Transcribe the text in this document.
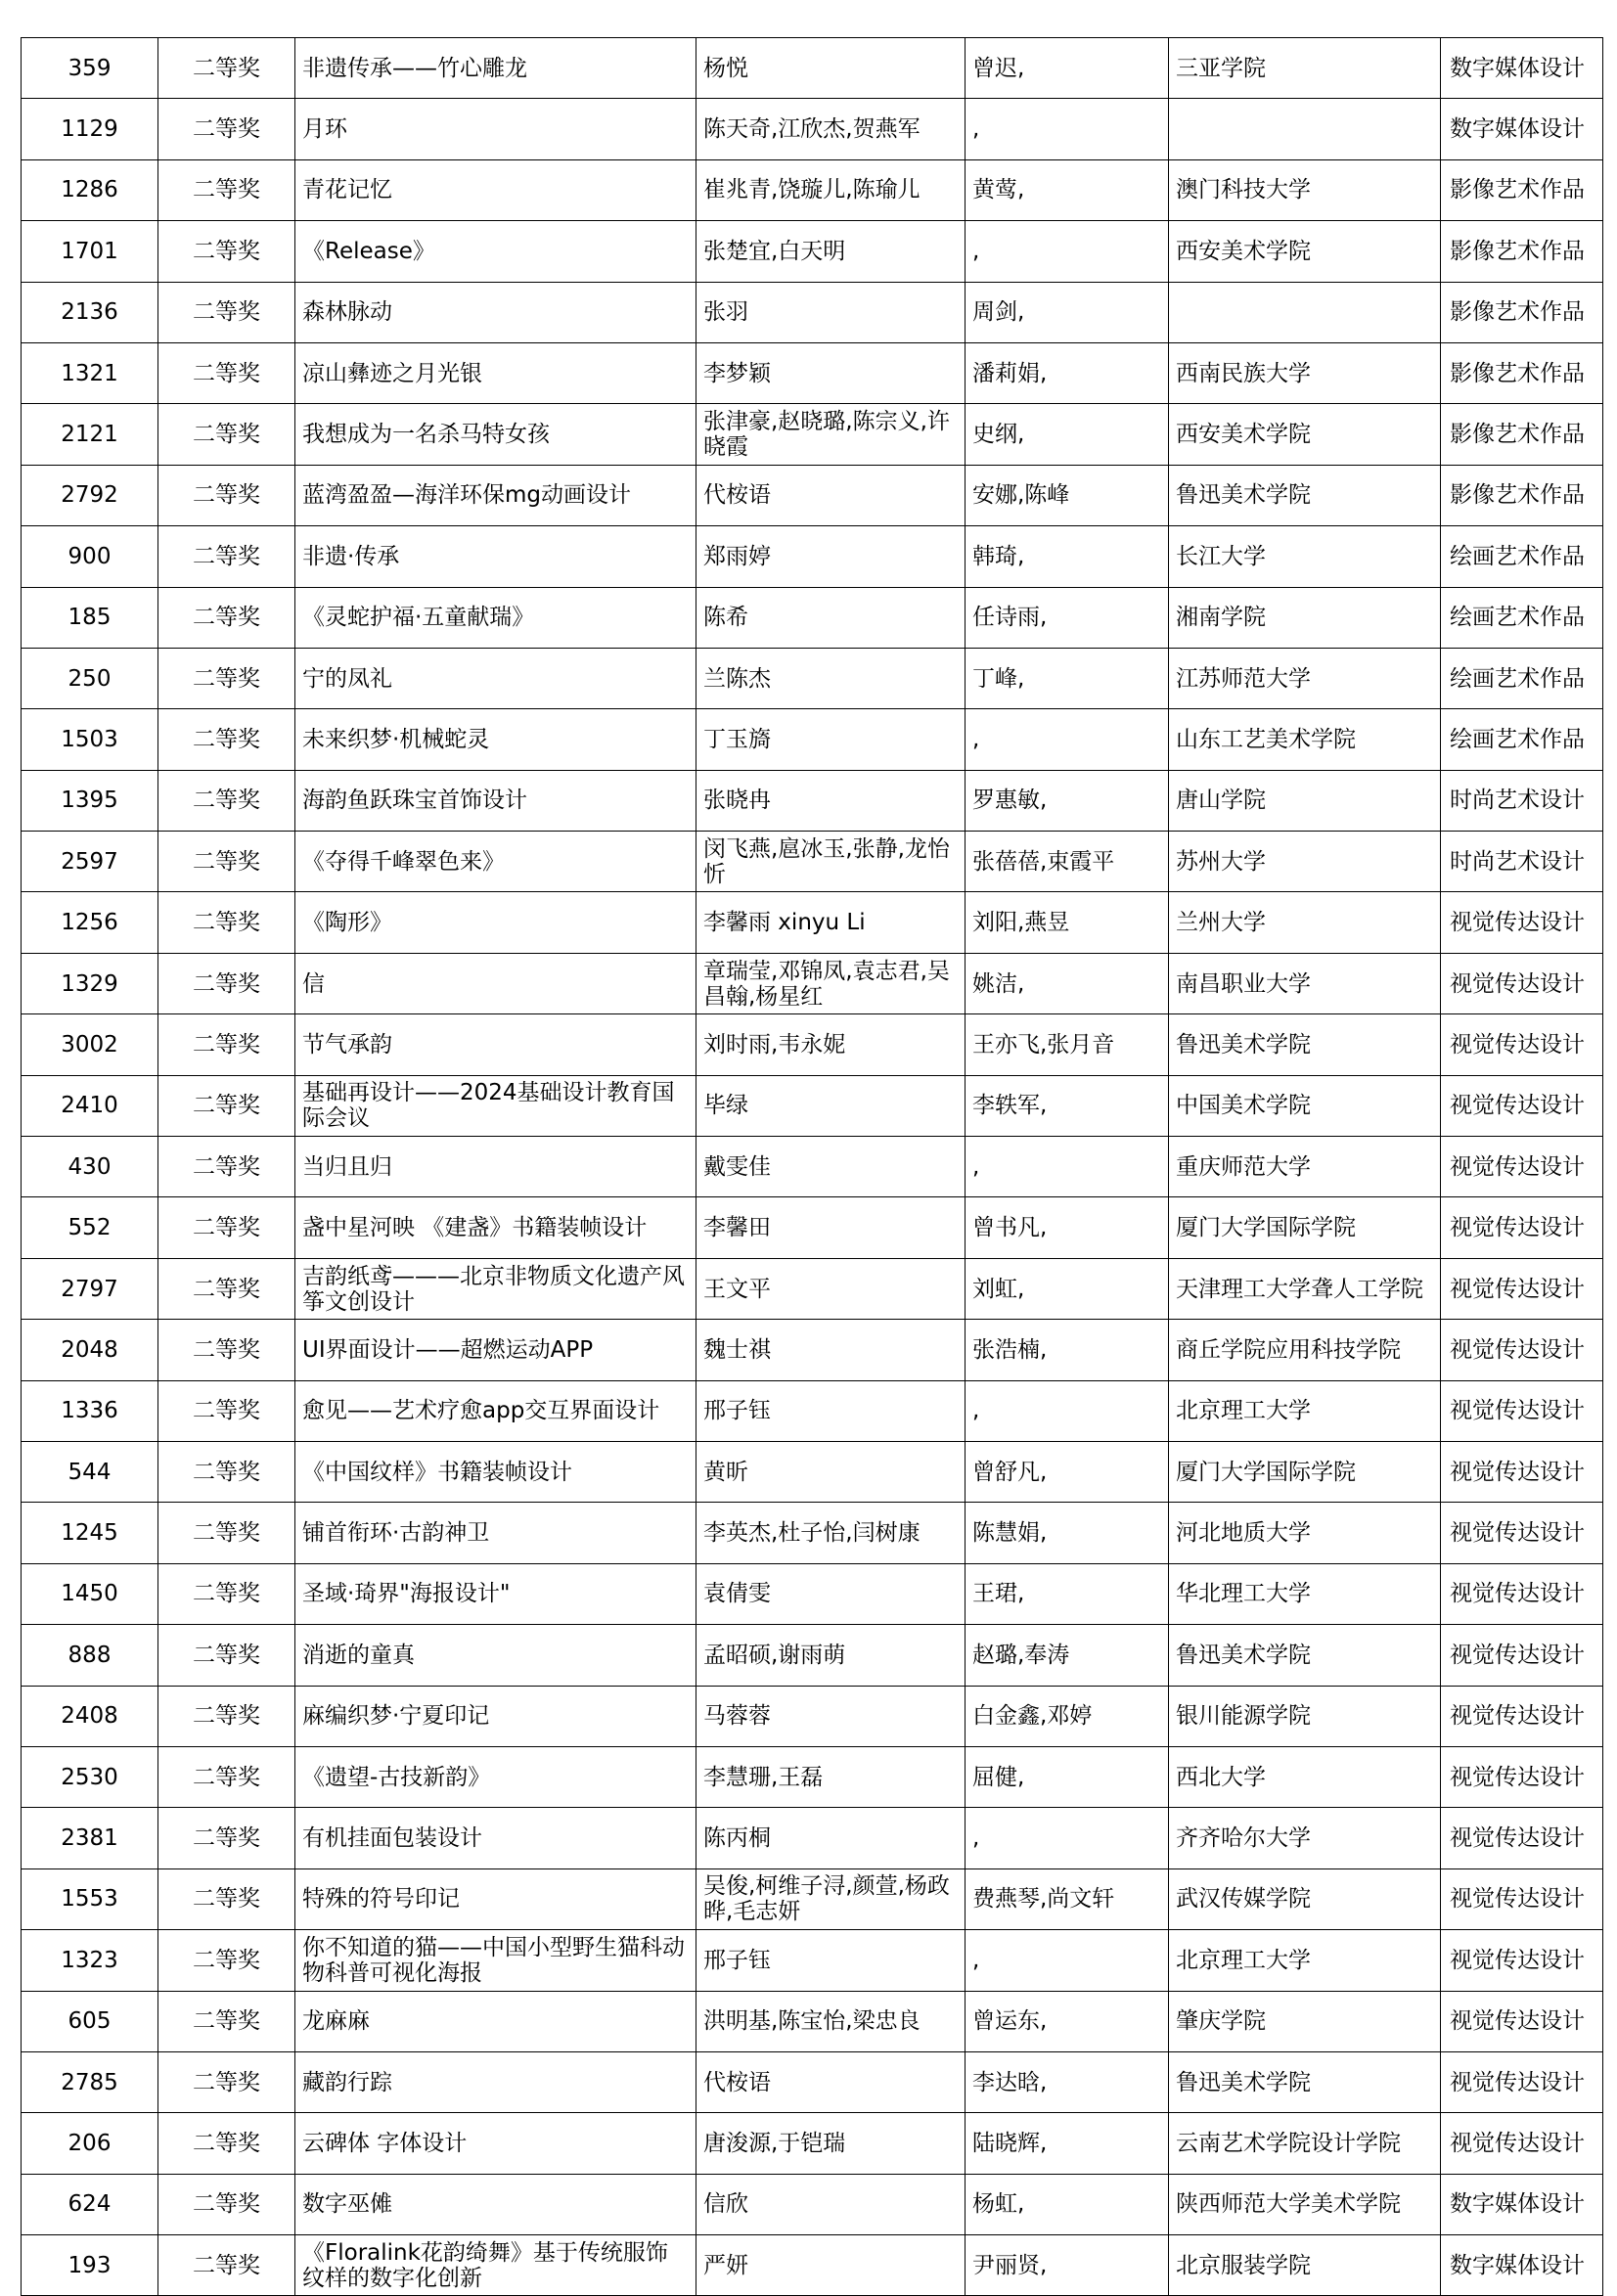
359	二等奖	非遗传承——竹心雕龙	杨悦	曾迟,	三亚学院	数字媒体设计
1129	二等奖	月环	陈天奇,江欣杰,贺燕军	,		数字媒体设计
1286	二等奖	青花记忆	崔兆青,饶璇儿,陈瑜儿	黄莺,	澳门科技大学	影像艺术作品
1701	二等奖	《Release》	张楚宜,白天明	,	西安美术学院	影像艺术作品
2136	二等奖	森林脉动	张羽	周剑,		影像艺术作品
1321	二等奖	凉山彝迹之月光银	李梦颖	潘莉娟,	西南民族大学	影像艺术作品
2121	二等奖	我想成为一名杀马特女孩	张津豪,赵晓璐,陈宗义,许晓霞	史纲,	西安美术学院	影像艺术作品
2792	二等奖	蓝湾盈盈—海洋环保mg动画设计	代桉语	安娜,陈峰	鲁迅美术学院	影像艺术作品
900	二等奖	非遗·传承	郑雨婷	韩琦,	长江大学	绘画艺术作品
185	二等奖	《灵蛇护福·五童献瑞》	陈希	任诗雨,	湘南学院	绘画艺术作品
250	二等奖	宁的凤礼	兰陈杰	丁峰,	江苏师范大学	绘画艺术作品
1503	二等奖	未来织梦·机械蛇灵	丁玉旖	,	山东工艺美术学院	绘画艺术作品
1395	二等奖	海韵鱼跃珠宝首饰设计	张晓冉	罗惠敏,	唐山学院	时尚艺术设计
2597	二等奖	《夺得千峰翠色来》	闵飞燕,扈冰玉,张静,龙怡忻	张蓓蓓,束霞平	苏州大学	时尚艺术设计
1256	二等奖	《陶形》	李馨雨 xinyu Li	刘阳,燕昱	兰州大学	视觉传达设计
1329	二等奖	信	章瑞莹,邓锦凤,袁志君,吴昌翰,杨星红	姚洁,	南昌职业大学	视觉传达设计
3002	二等奖	节气承韵	刘时雨,韦永妮	王亦飞,张月音	鲁迅美术学院	视觉传达设计
2410	二等奖	基础再设计——2024基础设计教育国际会议	毕绿	李轶军,	中国美术学院	视觉传达设计
430	二等奖	当归且归	戴雯佳	,	重庆师范大学	视觉传达设计
552	二等奖	盏中星河映 《建盏》书籍装帧设计	李馨田	曾书凡,	厦门大学国际学院	视觉传达设计
2797	二等奖	吉韵纸鸢———北京非物质文化遗产风筝文创设计	王文平	刘虹,	天津理工大学聋人工学院	视觉传达设计
2048	二等奖	UI界面设计——超燃运动APP	魏士祺	张浩楠,	商丘学院应用科技学院	视觉传达设计
1336	二等奖	愈见——艺术疗愈app交互界面设计	邢子钰	,	北京理工大学	视觉传达设计
544	二等奖	《中国纹样》书籍装帧设计	黄昕	曾舒凡,	厦门大学国际学院	视觉传达设计
1245	二等奖	铺首衔环·古韵神卫	李英杰,杜子怡,闫树康	陈慧娟,	河北地质大学	视觉传达设计
1450	二等奖	圣域·琦界"海报设计"	袁倩雯	王珺,	华北理工大学	视觉传达设计
888	二等奖	消逝的童真	孟昭硕,谢雨萌	赵璐,奉涛	鲁迅美术学院	视觉传达设计
2408	二等奖	麻编织梦·宁夏印记	马蓉蓉	白金鑫,邓婷	银川能源学院	视觉传达设计
2530	二等奖	《遗望-古技新韵》	李慧珊,王磊	屈健,	西北大学	视觉传达设计
2381	二等奖	有机挂面包装设计	陈丙桐	,	齐齐哈尔大学	视觉传达设计
1553	二等奖	特殊的符号印记	吴俊,柯维子浔,颜萱,杨政晔,毛志妍	费燕琴,尚文轩	武汉传媒学院	视觉传达设计
1323	二等奖	你不知道的猫——中国小型野生猫科动物科普可视化海报	邢子钰	,	北京理工大学	视觉传达设计
605	二等奖	龙麻麻	洪明基,陈宝怡,梁忠良	曾运东,	肇庆学院	视觉传达设计
2785	二等奖	藏韵行踪	代桉语	李达晗,	鲁迅美术学院	视觉传达设计
206	二等奖	云碑体 字体设计	唐浚源,于铠瑞	陆晓辉,	云南艺术学院设计学院	视觉传达设计
624	二等奖	数字巫傩	信欣	杨虹,	陕西师范大学美术学院	数字媒体设计
193	二等奖	《Floralink花韵绮舞》基于传统服饰纹样的数字化创新	严妍	尹丽贤,	北京服装学院	数字媒体设计
